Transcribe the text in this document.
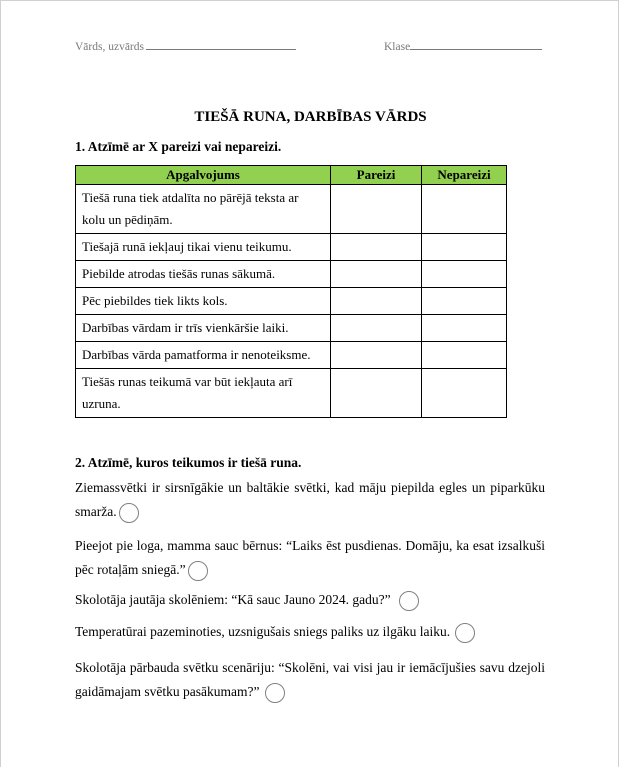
Vārds, uzvārds	Klase
TIEŠĀ RUNA, DARBĪBAS VĀRDS
1. Atzīmē ar X pareizi vai nepareizi.
Apgalvojums	Pareizi	Nepareizi
Tiešā runa tiek atdalīta no pārējā teksta ar kolu un pēdiņām.		
Tiešajā runā iekļauj tikai vienu teikumu.		
Piebilde atrodas tiešās runas sākumā.		
Pēc piebildes tiek likts kols.		
Darbības vārdam ir trīs vienkāršie laiki.		
Darbības vārda pamatforma ir nenoteiksme.		
Tiešās runas teikumā var būt iekļauta arī uzruna.		
2. Atzīmē, kuros teikumos ir tiešā runa.
Ziemassvētki ir sirsnīgākie un baltākie svētki, kad māju piepilda egles un piparkūku smarža.
Pieejot pie loga, mamma sauc bērnus: “Laiks ēst pusdienas. Domāju, ka esat izsalkuši pēc rotaļām sniegā.”
Skolotāja jautāja skolēniem: “Kā sauc Jauno 2024. gadu?”
Temperatūrai pazeminoties, uzsnigušais sniegs paliks uz ilgāku laiku.
Skolotāja pārbauda svētku scenāriju: “Skolēni, vai visi jau ir iemācījušies savu dzejoli gaidāmajam svētku pasākumam?”
